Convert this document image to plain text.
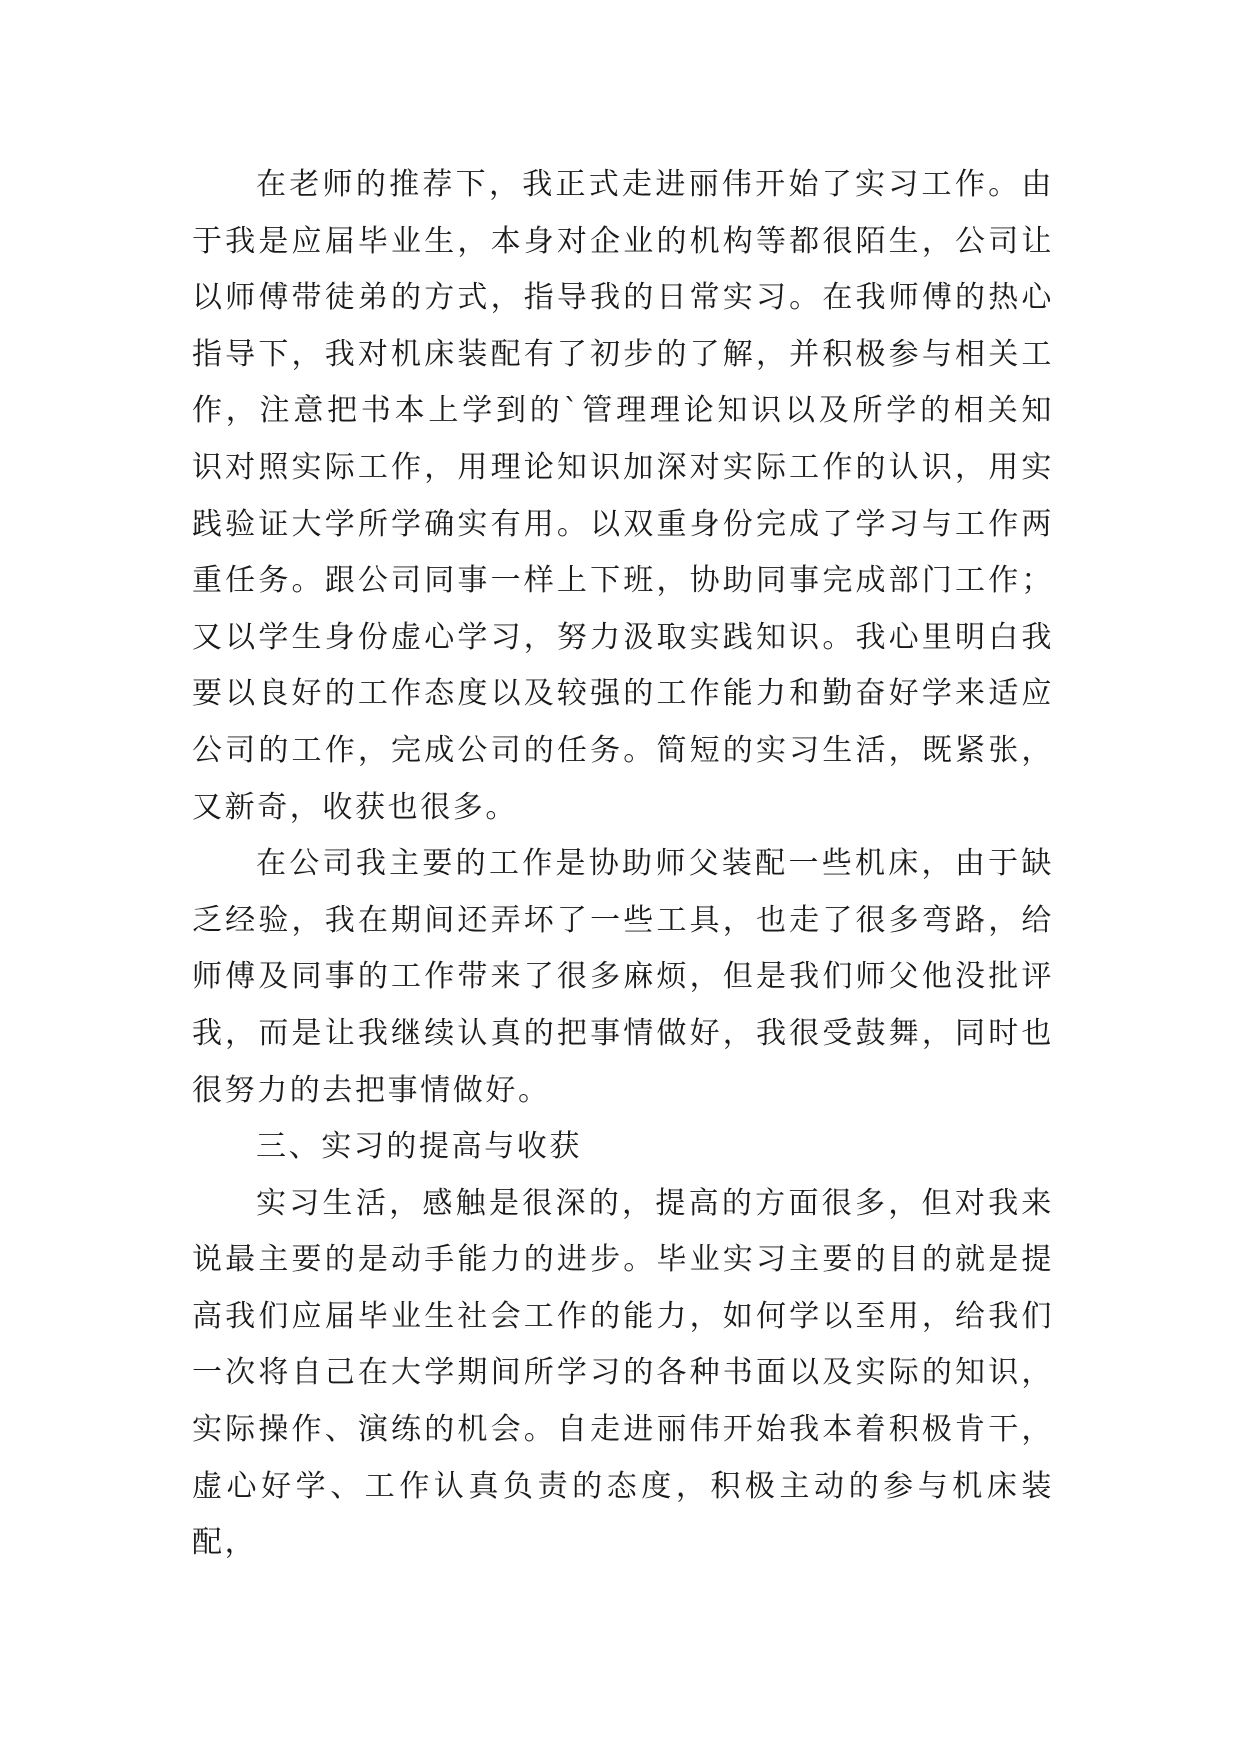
在老师的推荐下，我正式走进丽伟开始了实习工作。由于我是应届毕业生，本身对企业的机构等都很陌生，公司让以师傅带徒弟的方式，指导我的日常实习。在我师傅的热心指导下，我对机床装配有了初步的了解，并积极参与相关工作，注意把书本上学到的`管理理论知识以及所学的相关知识对照实际工作，用理论知识加深对实际工作的认识，用实践验证大学所学确实有用。以双重身份完成了学习与工作两重任务。跟公司同事一样上下班，协助同事完成部门工作；又以学生身份虚心学习，努力汲取实践知识。我心里明白我要以良好的工作态度以及较强的工作能力和勤奋好学来适应公司的工作，完成公司的任务。简短的实习生活，既紧张，又新奇，收获也很多。

在公司我主要的工作是协助师父装配一些机床，由于缺乏经验，我在期间还弄坏了一些工具，也走了很多弯路，给师傅及同事的工作带来了很多麻烦，但是我们师父他没批评我，而是让我继续认真的把事情做好，我很受鼓舞，同时也很努力的去把事情做好。

三、实习的提高与收获

实习生活，感触是很深的，提高的方面很多，但对我来说最主要的是动手能力的进步。毕业实习主要的目的就是提高我们应届毕业生社会工作的能力，如何学以至用，给我们一次将自己在大学期间所学习的各种书面以及实际的知识，实际操作、演练的机会。自走进丽伟开始我本着积极肯干，虚心好学、工作认真负责的态度，积极主动的参与机床装配，
